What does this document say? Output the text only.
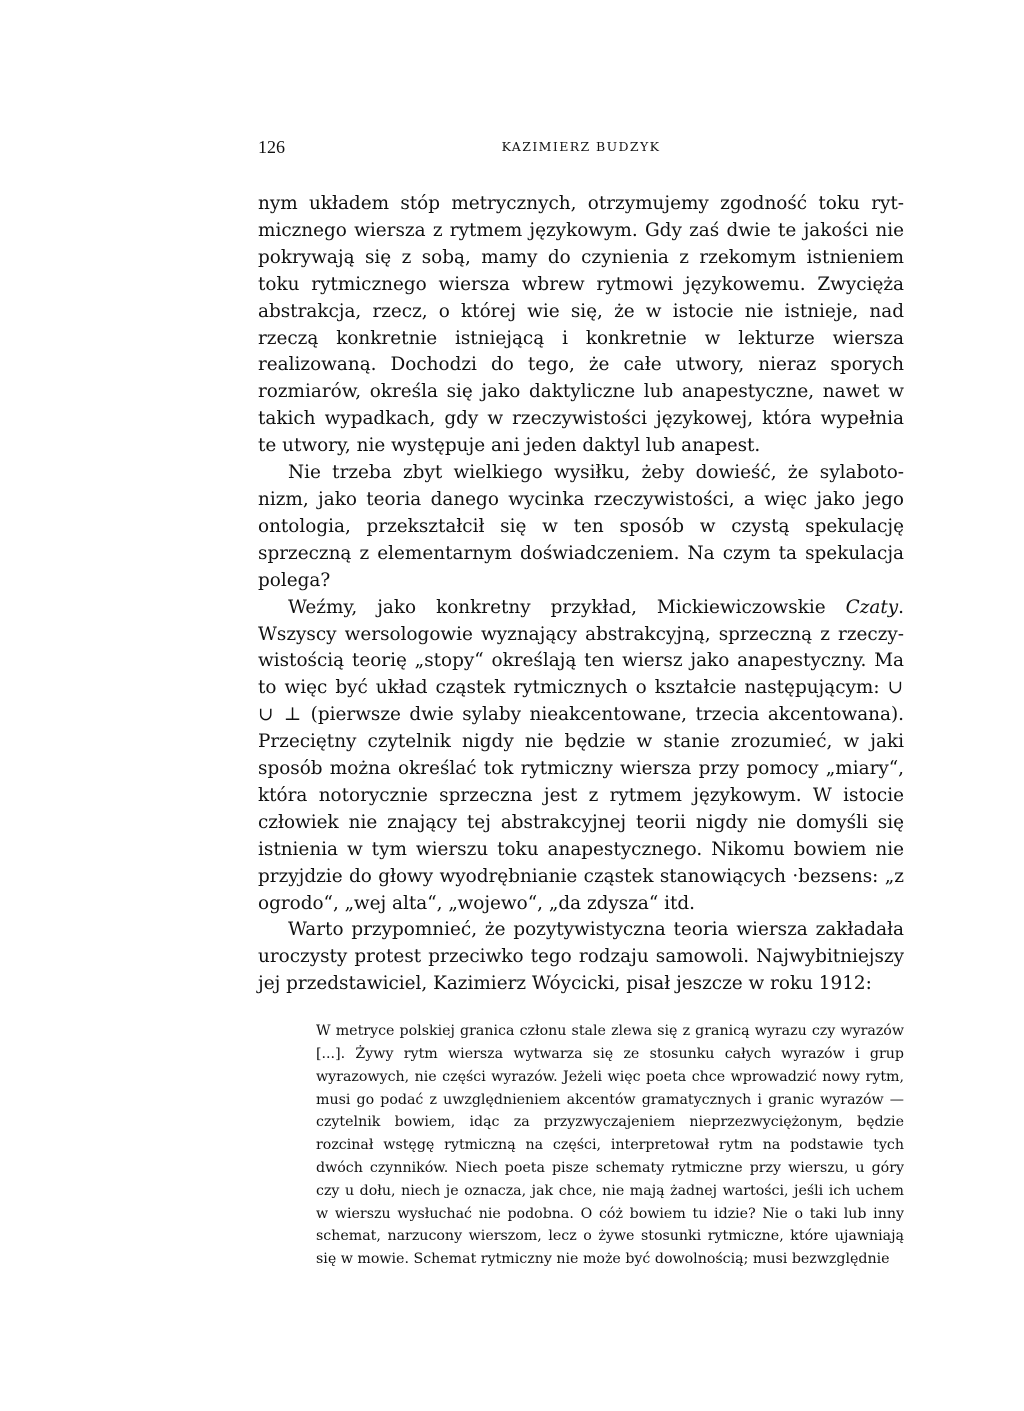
126	KAZIMIERZ BUDZYK

nym układem stóp metrycznych, otrzymujemy zgodność toku rytmicznego wiersza z rytmem językowym. Gdy zaś dwie te jakości nie pokrywają się z sobą, mamy do czynienia z rzekomym istnieniem toku rytmicznego wiersza wbrew rytmowi językowemu. Zwycięża abstrakcja, rzecz, o której wie się, że w istocie nie istnieje, nad rzeczą konkretnie istniejącą i konkretnie w lekturze wiersza realizowaną. Dochodzi do tego, że całe utwory, nieraz sporych rozmiarów, określa się jako daktyliczne lub anapestyczne, nawet w takich wypadkach, gdy w rzeczywistości językowej, która wypełnia te utwory, nie występuje ani jeden daktyl lub anapest.

Nie trzeba zbyt wielkiego wysiłku, żeby dowieść, że sylabotonizm, jako teoria danego wycinka rzeczywistości, a więc jako jego ontologia, przekształcił się w ten sposób w czystą spekulację sprzeczną z elementarnym doświadczeniem. Na czym ta spekulacja polega?

Weźmy, jako konkretny przykład, Mickiewiczowskie Czaty. Wszyscy wersologowie wyznający abstrakcyjną, sprzeczną z rzeczywistością teorię „stopy“ określają ten wiersz jako anapestyczny. Ma to więc być układ cząstek rytmicznych o kształcie następującym: ∪ ∪ ⊥ (pierwsze dwie sylaby nieakcentowane, trzecia akcentowana). Przeciętny czytelnik nigdy nie będzie w stanie zrozumieć, w jaki sposób można określać tok rytmiczny wiersza przy pomocy „miary“, która notorycznie sprzeczna jest z rytmem językowym. W istocie człowiek nie znający tej abstrakcyjnej teorii nigdy nie domyśli się istnienia w tym wierszu toku anapestycznego. Nikomu bowiem nie przyjdzie do głowy wyodrębnianie cząstek stanowiących ·bezsens: „z ogrodo“, „wej alta“, „wojewo“, „da zdysza“ itd.

Warto przypomnieć, że pozytywistyczna teoria wiersza zakładała uroczysty protest przeciwko tego rodzaju samowoli. Najwybitniejszy jej przedstawiciel, Kazimierz Wóycicki, pisał jeszcze w roku 1912:

W metryce polskiej granica członu stale zlewa się z granicą wyrazu czy wyrazów [...]. Żywy rytm wiersza wytwarza się ze stosunku całych wyrazów i grup wyrazowych, nie części wyrazów. Jeżeli więc poeta chce wprowadzić nowy rytm, musi go podać z uwzględnieniem akcentów gramatycznych i granic wyrazów — czytelnik bowiem, idąc za przyzwyczajeniem nieprzezwyciężonym, będzie rozcinał wstęgę rytmiczną na części, interpretował rytm na podstawie tych dwóch czynników. Niech poeta pisze schematy rytmiczne przy wierszu, u góry czy u dołu, niech je oznacza, jak chce, nie mają żadnej wartości, jeśli ich uchem w wierszu wysłuchać nie podobna. O cóż bowiem tu idzie? Nie o taki lub inny schemat, narzucony wierszom, lecz o żywe stosunki rytmiczne, które ujawniają się w mowie. Schemat rytmiczny nie może być dowolnością; musi bezwzględnie
